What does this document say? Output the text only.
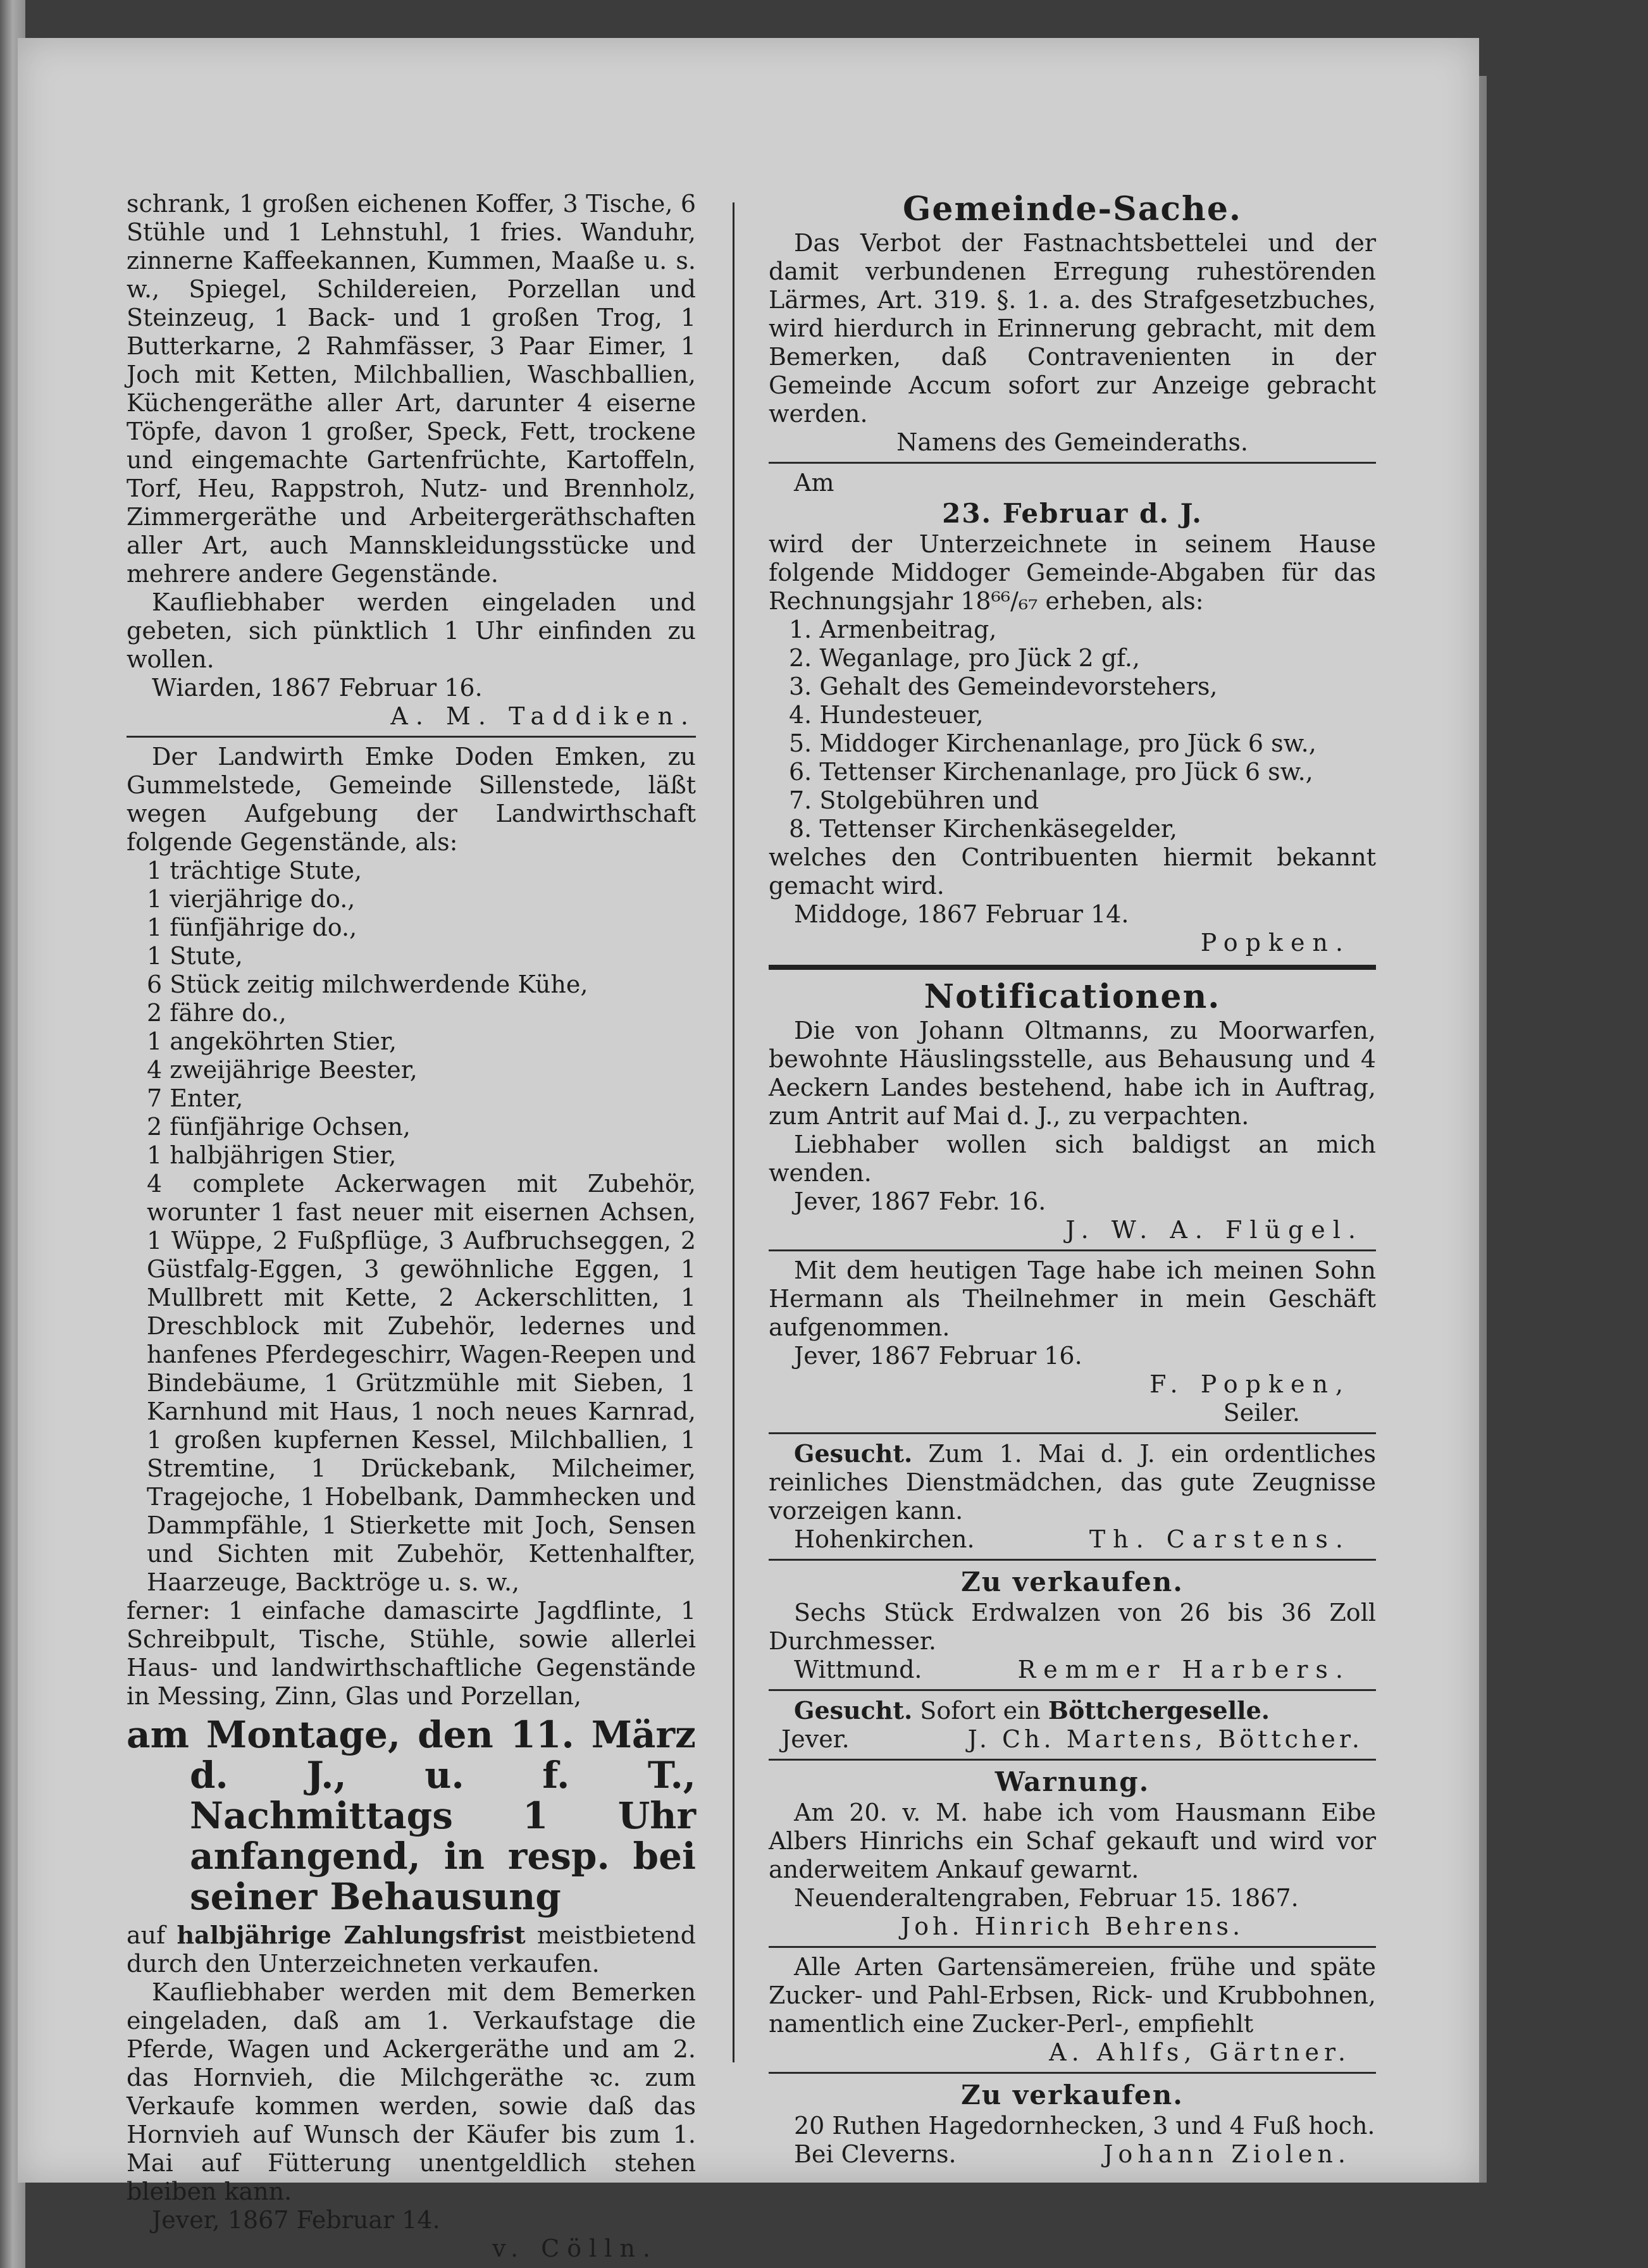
schrank, 1 großen eichenen Koffer, 3 Tische, 6 Stühle und 1 Lehnstuhl, 1 fries. Wanduhr, zinnerne Kaffeekannen, Kummen, Maaße u. s. w., Spiegel, Schildereien, Porzellan und Steinzeug, 1 Back- und 1 großen Trog, 1 Butterkarne, 2 Rahmfässer, 3 Paar Eimer, 1 Joch mit Ketten, Milchballien, Waschballien, Küchengeräthe aller Art, darunter 4 eiserne Töpfe, davon 1 großer, Speck, Fett, trockene und eingemachte Gartenfrüchte, Kartoffeln, Torf, Heu, Rappstroh, Nutz- und Brennholz, Zimmergeräthe und Arbeitergeräthschaften aller Art, auch Mannskleidungsstücke und mehrere andere Gegenstände.

Kaufliebhaber werden eingeladen und gebeten, sich pünktlich 1 Uhr einfinden zu wollen.

Wiarden, 1867 Februar 16.

A. M. Taddiken.

Der Landwirth Emke Doden Emken, zu Gummelstede, Gemeinde Sillenstede, läßt wegen Aufgebung der Landwirthschaft folgende Gegenstände, als:

1 trächtige Stute,

1 vierjährige do.,

1 fünfjährige do.,

1 Stute,

6 Stück zeitig milchwerdende Kühe,

2 fähre do.,

1 angeköhrten Stier,

4 zweijährige Beester,

7 Enter,

2 fünfjährige Ochsen,

1 halbjährigen Stier,

4 complete Ackerwagen mit Zubehör, worunter 1 fast neuer mit eisernen Achsen, 1 Wüppe, 2 Fußpflüge, 3 Aufbruchseggen, 2 Güstfalg-Eggen, 3 gewöhnliche Eggen, 1 Mullbrett mit Kette, 2 Ackerschlitten, 1 Dreschblock mit Zubehör, ledernes und hanfenes Pferdegeschirr, Wagen-Reepen und Bindebäume, 1 Grützmühle mit Sieben, 1 Karnhund mit Haus, 1 noch neues Karnrad, 1 großen kupfernen Kessel, Milchballien, 1 Stremtine, 1 Drückebank, Milcheimer, Tragejoche, 1 Hobelbank, Dammhecken und Dammpfähle, 1 Stierkette mit Joch, Sensen und Sichten mit Zubehör, Kettenhalfter, Haarzeuge, Backtröge u. s. w.,

ferner: 1 einfache damascirte Jagdflinte, 1 Schreibpult, Tische, Stühle, sowie allerlei Haus- und landwirthschaftliche Gegenstände in Messing, Zinn, Glas und Porzellan,

am Montage, den 11. März d. J., u. f. T., Nachmittags 1 Uhr anfangend, in resp. bei seiner Behausung

auf halbjährige Zahlungsfrist meistbietend durch den Unterzeichneten verkaufen.

Kaufliebhaber werden mit dem Bemerken eingeladen, daß am 1. Verkaufstage die Pferde, Wagen und Ackergeräthe und am 2. das Hornvieh, die Milchgeräthe ꝛc. zum Verkaufe kommen werden, sowie daß das Hornvieh auf Wunsch der Käufer bis zum 1. Mai auf Fütterung unentgeldlich stehen bleiben kann.

Jever, 1867 Februar 14.

v. Cölln.

Gemeinde-Sache.

Das Verbot der Fastnachtsbettelei und der damit verbundenen Erregung ruhestörenden Lärmes, Art. 319. §. 1. a. des Strafgesetzbuches, wird hierdurch in Erinnerung gebracht, mit dem Bemerken, daß Contravenienten in der Gemeinde Accum sofort zur Anzeige gebracht werden.

Namens des Gemeinderaths.

Am

23. Februar d. J.

wird der Unterzeichnete in seinem Hause folgende Middoger Gemeinde-Abgaben für das Rechnungsjahr 18⁶⁶/₆₇ erheben, als:

1. Armenbeitrag,

2. Weganlage, pro Jück 2 gf.,

3. Gehalt des Gemeindevorstehers,

4. Hundesteuer,

5. Middoger Kirchenanlage, pro Jück 6 sw.,

6. Tettenser Kirchenanlage, pro Jück 6 sw.,

7. Stolgebühren und

8. Tettenser Kirchenkäsegelder,

welches den Contribuenten hiermit bekannt gemacht wird.

Middoge, 1867 Februar 14.

Popken.

Notificationen.

Die von Johann Oltmanns, zu Moorwarfen, bewohnte Häuslingsstelle, aus Behausung und 4 Aeckern Landes bestehend, habe ich in Auftrag, zum Antrit auf Mai d. J., zu verpachten.

Liebhaber wollen sich baldigst an mich wenden.

Jever, 1867 Febr. 16.

J. W. A. Flügel.

Mit dem heutigen Tage habe ich meinen Sohn Hermann als Theilnehmer in mein Geschäft aufgenommen.

Jever, 1867 Februar 16.

F. Popken,

Seiler.

Gesucht. Zum 1. Mai d. J. ein ordentliches reinliches Dienstmädchen, das gute Zeugnisse vorzeigen kann.

Hohenkirchen.	Th. Carstens.

Zu verkaufen.

Sechs Stück Erdwalzen von 26 bis 36 Zoll Durchmesser.

Wittmund.	Remmer Harbers.

Gesucht. Sofort ein Böttchergeselle.

Jever.	J. Ch. Martens, Böttcher.

Warnung.

Am 20. v. M. habe ich vom Hausmann Eibe Albers Hinrichs ein Schaf gekauft und wird vor anderweitem Ankauf gewarnt.

Neuenderaltengraben, Februar 15. 1867.

Joh. Hinrich Behrens.

Alle Arten Gartensämereien, frühe und späte Zucker- und Pahl-Erbsen, Rick- und Krubbohnen, namentlich eine Zucker-Perl-, empfiehlt

A. Ahlfs, Gärtner.

Zu verkaufen.

20 Ruthen Hagedornhecken, 3 und 4 Fuß hoch.

Bei Cleverns.	Johann Ziolen.
